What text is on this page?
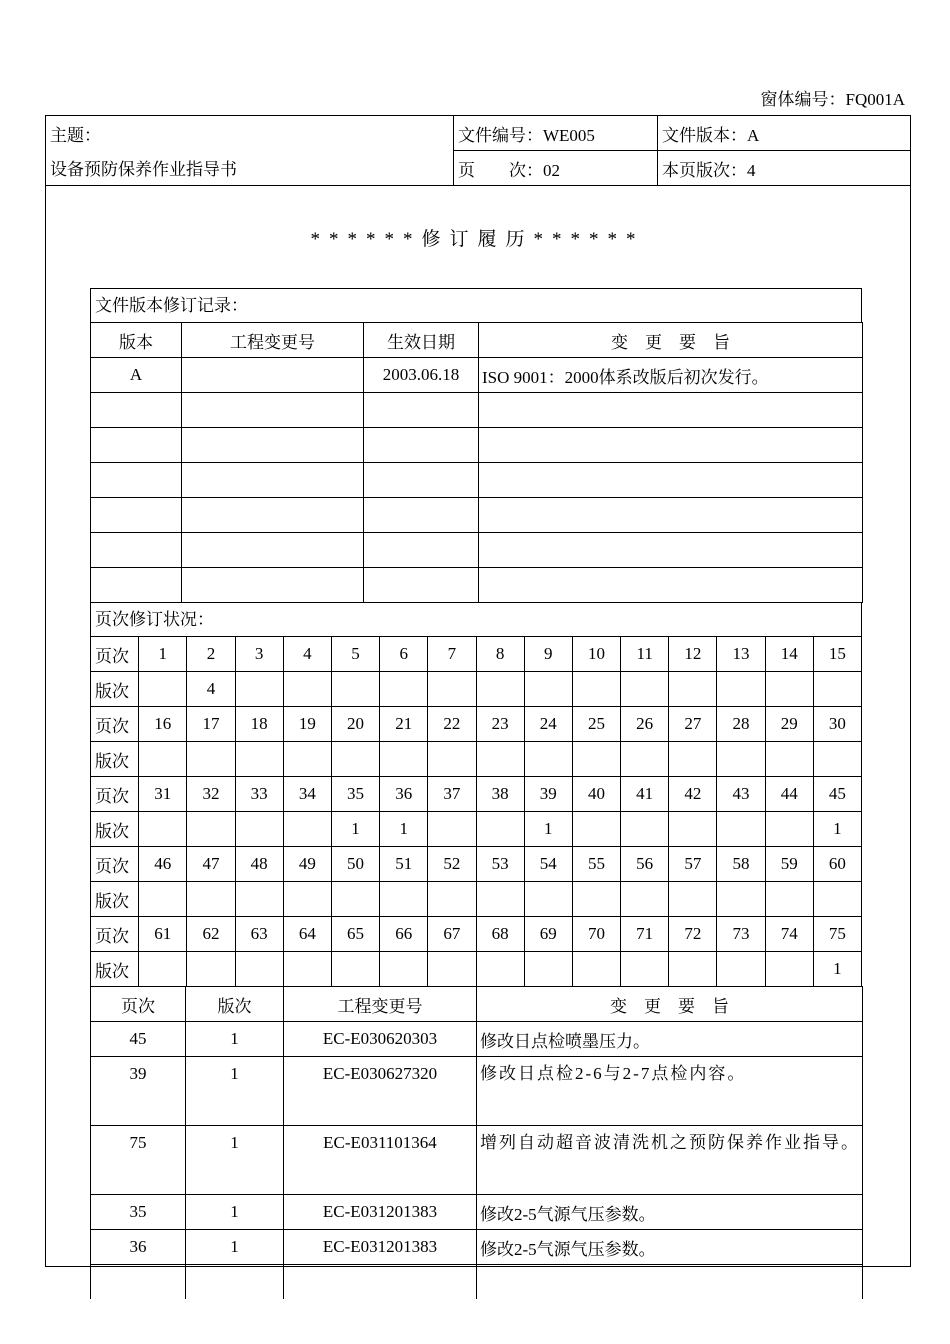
窗体编号：FQ001A
主题：	文件编号：WE005	文件版本：A
设备预防保养作业指导书	页　　次：02	本页版次：4
******修订履历******
文件版本修订记录：
版本	工程变更号	生效日期	变　更　要　旨
A		2003.06.18	ISO 9001：2000体系改版后初次发行。

页次修订状况：
页次	1	2	3	4	5	6	7	8	9	10	11	12	13	14	15
版次		4													
页次	16	17	18	19	20	21	22	23	24	25	26	27	28	29	30
版次															
页次	31	32	33	34	35	36	37	38	39	40	41	42	43	44	45
版次					1	1			1						1
页次	46	47	48	49	50	51	52	53	54	55	56	57	58	59	60
版次															
页次	61	62	63	64	65	66	67	68	69	70	71	72	73	74	75
版次															1
页次	版次	工程变更号	变　更　要　旨
45	1	EC-E030620303	修改日点检喷墨压力。
39	1	EC-E030627320	修改日点检2-6与2-7点检内容。
75	1	EC-E031101364	增列自动超音波清洗机之预防保养作业指导。
35	1	EC-E031201383	修改2-5气源气压参数。
36	1	EC-E031201383	修改2-5气源气压参数。
